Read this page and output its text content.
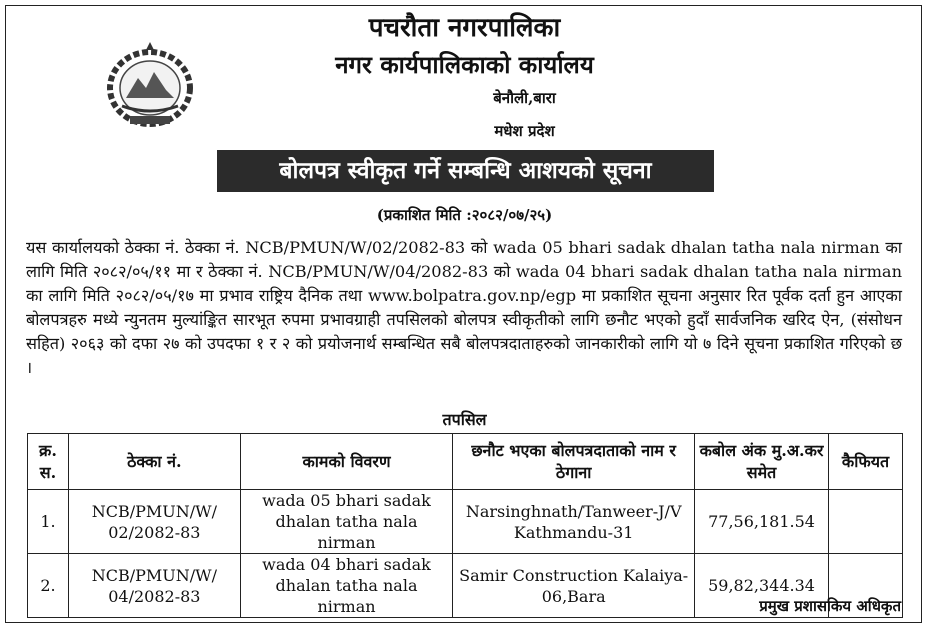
पचरौता नगरपालिका
नगर कार्यपालिकाको कार्यालय
बेनौली,बारा
मधेश प्रदेश
बोलपत्र स्वीकृत गर्ने सम्बन्धि आशयको सूचना
(प्रकाशित मिति :२०८२/०७/२५)
यस कार्यालयको ठेक्का नं. ठेक्का नं. NCB/PMUN/W/02/2082-83 को wada 05 bhari sadak dhalan tatha nala nirman का लागि मिति २०८२/०५/११ मा र ठेक्का नं. NCB/PMUN/W/04/2082-83 को wada 04 bhari sadak dhalan tatha nala nirman का लागि मिति २०८२/०५/१७ मा प्रभाव राष्ट्रिय दैनिक तथा www.bolpatra.gov.np/egp मा प्रकाशित सूचना अनुसार रित पूर्वक दर्ता हुन आएका बोलपत्रहरु मध्ये न्युनतम मुल्यांङ्कित सारभूत रुपमा प्रभावग्राही तपसिलको बोलपत्र स्वीकृतीको लागि छनौट भएको हुदाँ सार्वजनिक खरिद ऐन, (संसोधन सहित) २०६३ को दफा २७ को उपदफा १ र २ को प्रयोजनार्थ सम्बन्धित सबै बोलपत्रदाताहरुको जानकारीको लागि यो ७ दिने सूचना प्रकाशित गरिएको छ ।
तपसिल
क्र. स.	ठेक्का नं.	कामको विवरण	छनौट भएका बोलपत्रदाताको नाम र ठेगाना	कबोल अंक मु.अ.कर समेत	कैफियत
1.	NCB/PMUN/W/ 02/2082-83	wada 05 bhari sadak dhalan tatha nala nirman	Narsinghnath/Tanweer-J/V Kathmandu-31	77,56,181.54	
2.	NCB/PMUN/W/ 04/2082-83	wada 04 bhari sadak dhalan tatha nala nirman	Samir Construction Kalaiya-06,Bara	59,82,344.34	
प्रमुख प्रशासकिय अधिकृत
